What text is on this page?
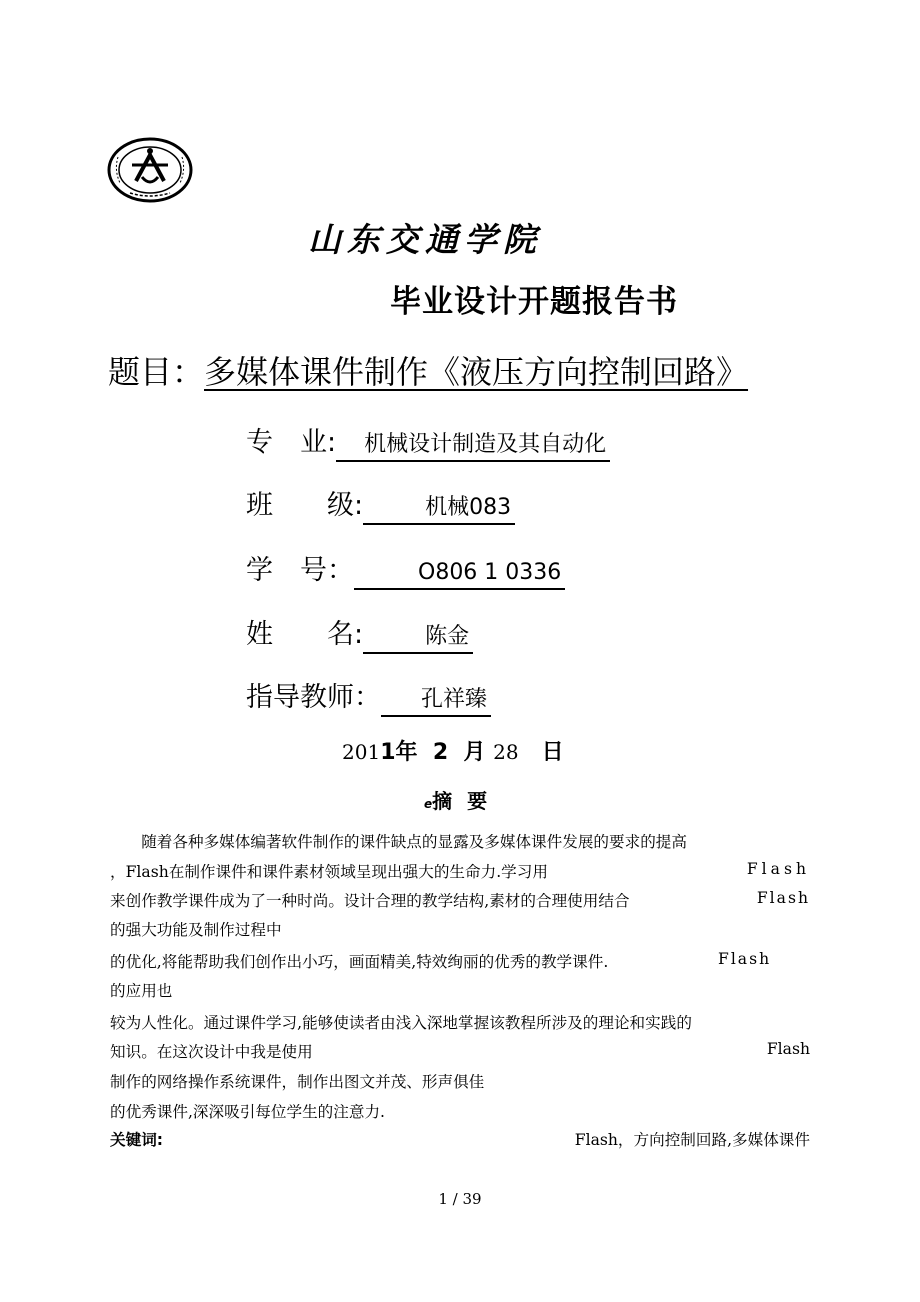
山东交通学院
毕业设计开题报告书
题目：多媒体课件制作《液压方向控制回路》
专　业: 机械设计制造及其自动化
班　　级:	机械083
学　号：	O806 1 0336
姓　　名:	陈金
指导教师： 孔祥臻
2011年 2 月 28 日
e摘 要
　　随着各种多媒体编著软件制作的课件缺点的显露及多媒体课件发展的要求的提高
，Flash在制作课件和课件素材领域呈现出强大的生命力.学习用	Flash
来创作教学课件成为了一种时尚。设计合理的教学结构,素材的合理使用结合	Flash
的强大功能及制作过程中
的优化,将能帮助我们创作出小巧，画面精美,特效绚丽的优秀的教学课件.	Flash
的应用也
较为人性化。通过课件学习,能够使读者由浅入深地掌握该教程所涉及的理论和实践的
知识。在这次设计中我是使用	Flash
制作的网络操作系统课件，制作出图文并茂、形声俱佳
的优秀课件,深深吸引每位学生的注意力.
关键词:	Flash，方向控制回路,多媒体课件
1 / 39
